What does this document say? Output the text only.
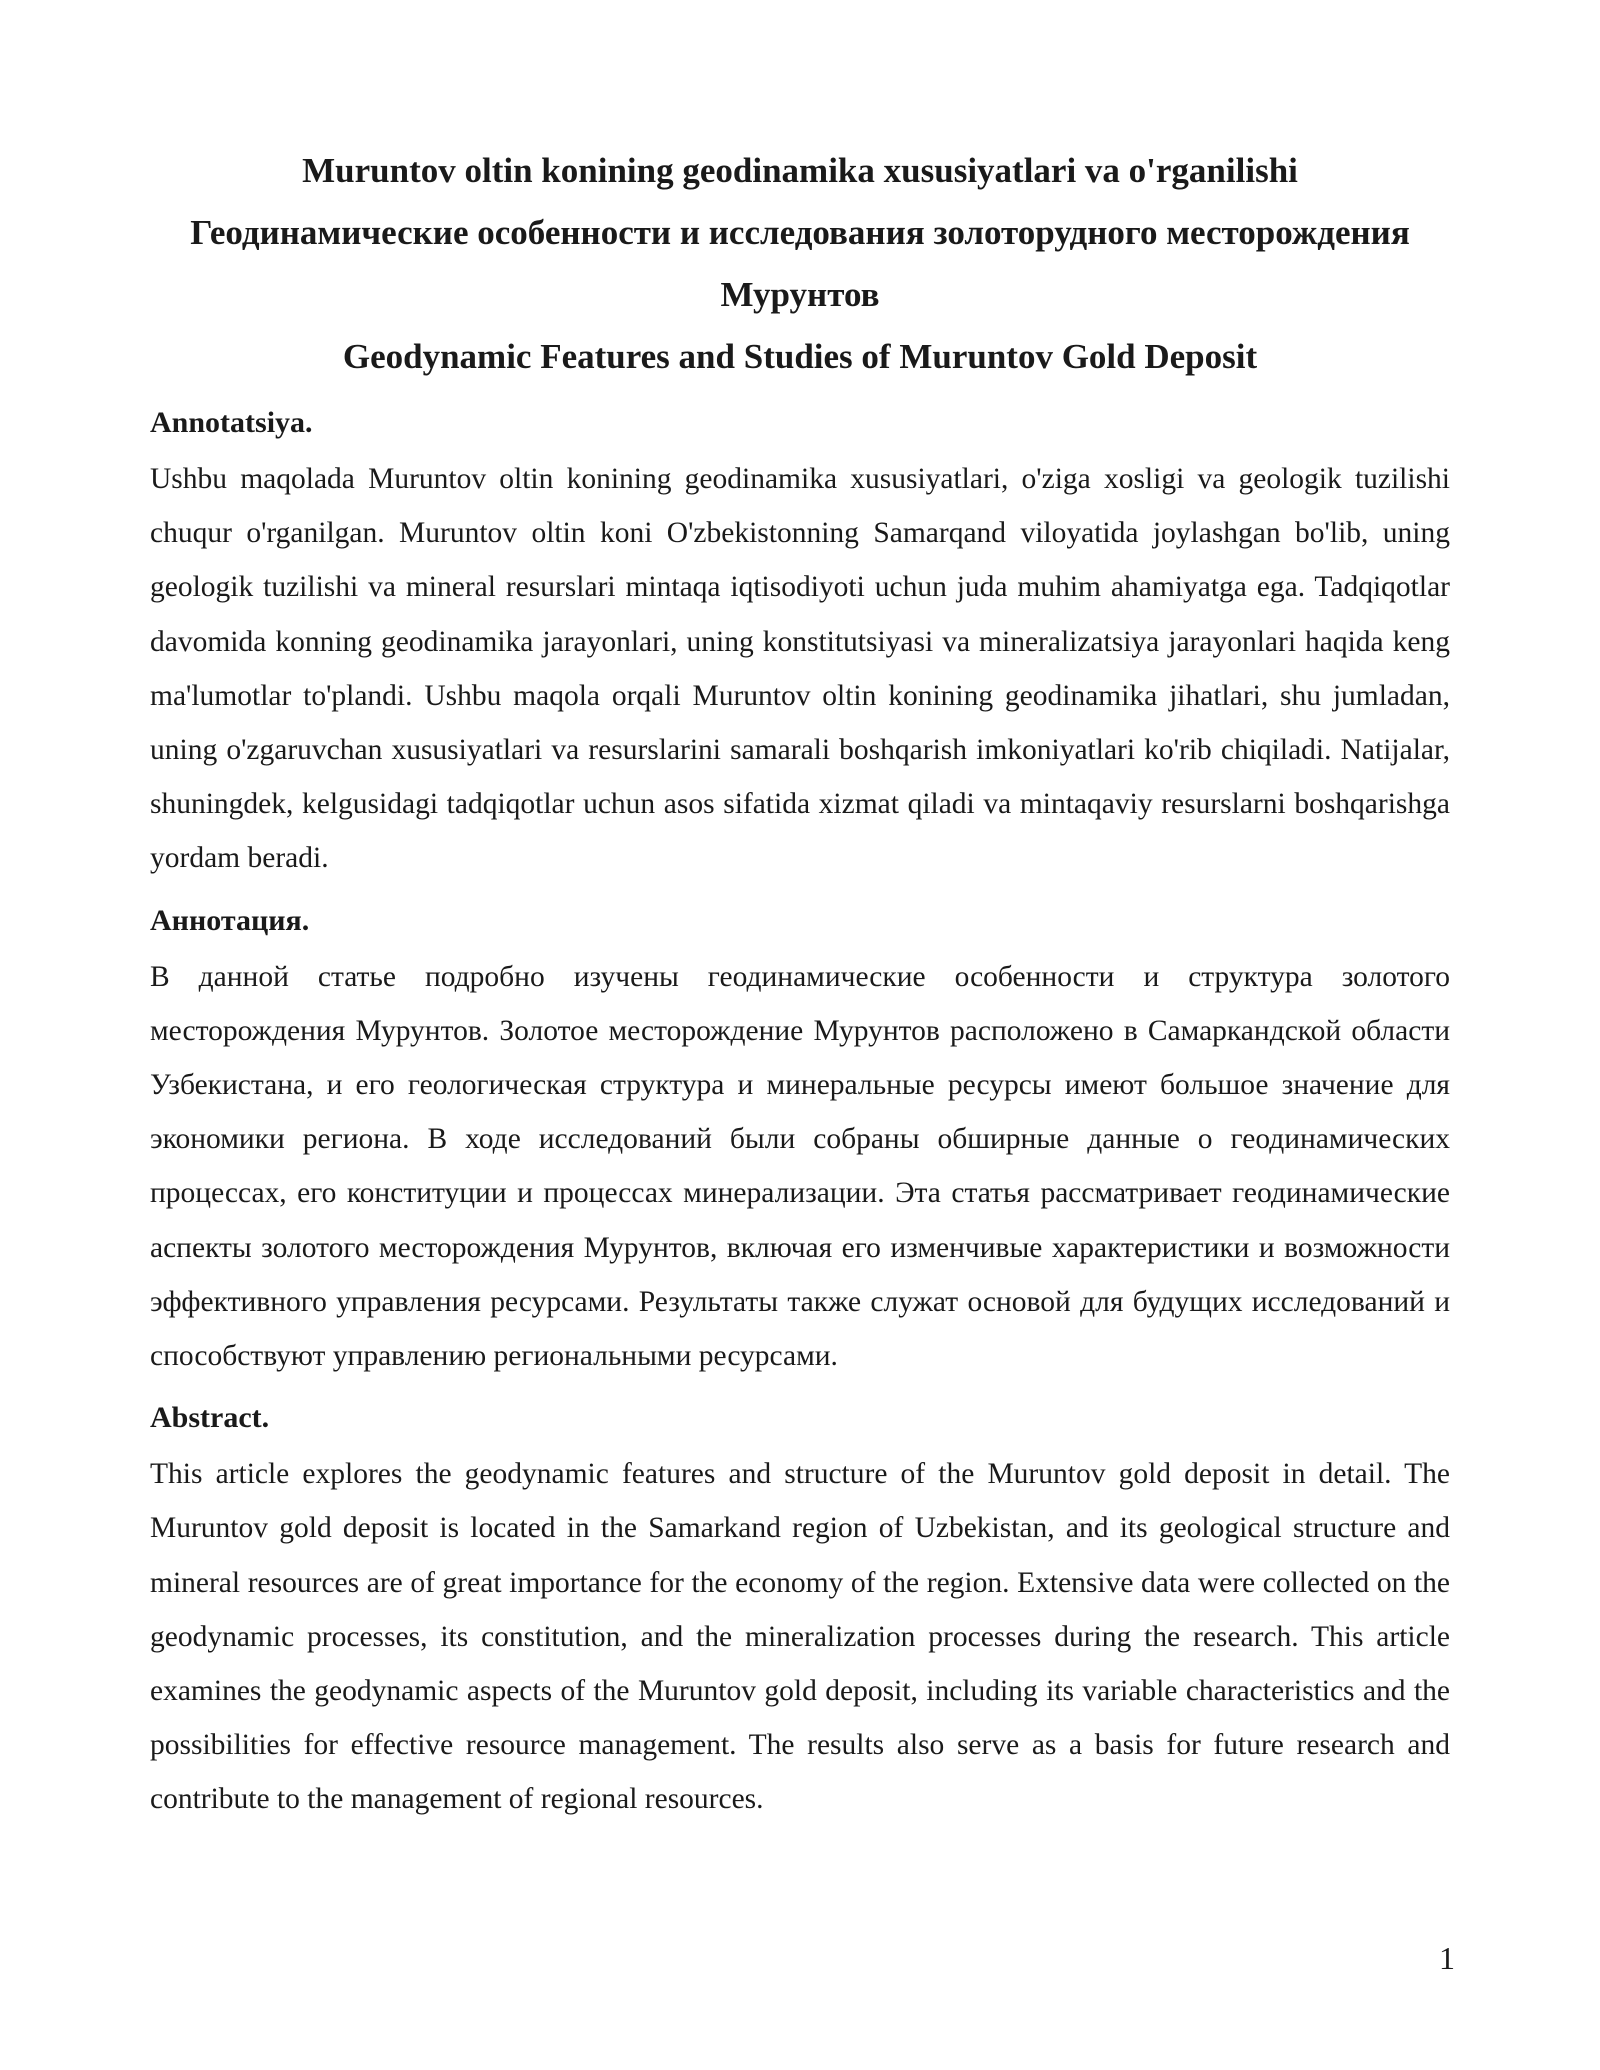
Muruntov oltin konining geodinamika xususiyatlari va o'rganilishi
Геодинамические особенности и исследования золоторудного месторождения Мурунтов
Geodynamic Features and Studies of Muruntov Gold Deposit
Annotatsiya.

Ushbu maqolada Muruntov oltin konining geodinamika xususiyatlari, o'ziga xosligi va geologik tuzilishi chuqur o'rganilgan. Muruntov oltin koni O'zbekistonning Samarqand viloyatida joylashgan bo'lib, uning geologik tuzilishi va mineral resurslari mintaqa iqtisodiyoti uchun juda muhim ahamiyatga ega. Tadqiqotlar davomida konning geodinamika jarayonlari, uning konstitutsiyasi va mineralizatsiya jarayonlari haqida keng ma'lumotlar to'plandi. Ushbu maqola orqali Muruntov oltin konining geodinamika jihatlari, shu jumladan, uning o'zgaruvchan xususiyatlari va resurslarini samarali boshqarish imkoniyatlari ko'rib chiqiladi. Natijalar, shuningdek, kelgusidagi tadqiqotlar uchun asos sifatida xizmat qiladi va mintaqaviy resurslarni boshqarishga yordam beradi.

Аннотация.

В данной статье подробно изучены геодинамические особенности и структура золотого месторождения Мурунтов. Золотое месторождение Мурунтов расположено в Самаркандской области Узбекистана, и его геологическая структура и минеральные ресурсы имеют большое значение для экономики региона. В ходе исследований были собраны обширные данные о геодинамических процессах, его конституции и процессах минерализации. Эта статья рассматривает геодинамические аспекты золотого месторождения Мурунтов, включая его изменчивые характеристики и возможности эффективного управления ресурсами. Результаты также служат основой для будущих исследований и способствуют управлению региональными ресурсами.

Abstract.

This article explores the geodynamic features and structure of the Muruntov gold deposit in detail. The Muruntov gold deposit is located in the Samarkand region of Uzbekistan, and its geological structure and mineral resources are of great importance for the economy of the region. Extensive data were collected on the geodynamic processes, its constitution, and the mineralization processes during the research. This article examines the geodynamic aspects of the Muruntov gold deposit, including its variable characteristics and the possibilities for effective resource management. The results also serve as a basis for future research and contribute to the management of regional resources.

1
